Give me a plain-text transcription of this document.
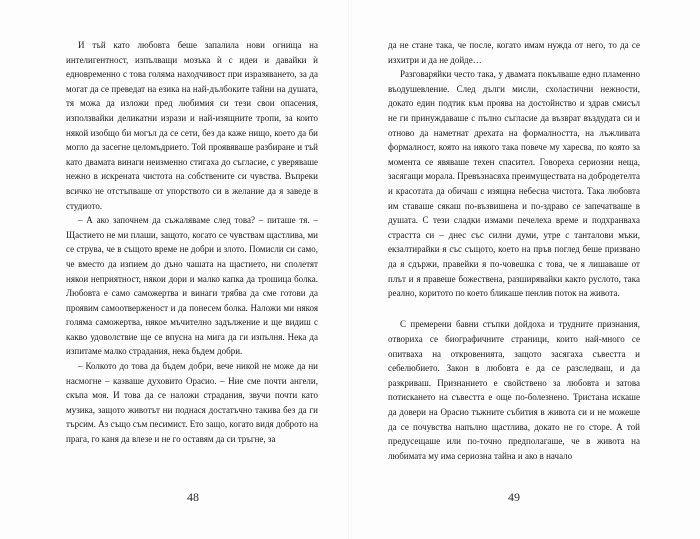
И тъй като любовта беше запалила нови огнища на интелигентност, изпълващи мозъка ѝ с идеи и давайки ѝ едновременно с това голяма находчивост при изразяването, за да могат да се преведат на езика на най-дълбоките тайни на душата, тя можа да изложи пред любимия си тези свои опасения, използвайки деликатни изрази и най-изящните тропи, за които някой изобщо би могъл да се сети, без да каже нищо, което да би могло да засегне целомъдрието. Той проявяваше разбиране и тъй като двамата винаги неизменно стигаха до съгласие, с уверяваше нежно в искрената чистота на собствените си чувства. Въпреки всичко не отстъпваше от упорството си в желание да я заведе в студиото.

– А ако започнем да съжаляваме след това? – питаше тя. – Щастието не ми плаши, защото, когато се чувствам щастлива, ми се струва, че в същото време не добри и злото. Помисли си само, че вместо да изпием до дъно чашата на щастието, ни сполетят някои неприятност, някои дори и малко капка да трошица болка. Любовта е само саможертва и винаги трябва да сме готови да проявим самоотверженост и да понесем болка. Наложи ми някоя голяма саможертва, някое мъчително задължение и ще видиш с какво удоволствие ще се впусна на мига да ги изпълня. Нека да изпитаме малко страдания, нека бъдем добри.

– Колкото до това да бъдем добри, вече никой не може да ни насмогне – казваше духовито Орасио. – Ние сме почти ангели, скъпа моя. И това да се наложи страдания, звучи почти като музика, защото животът ни поднася достатъчно такива без да ги търсим. Аз също съм песимист. Ето защо, когато видя доброто на прага, го каня да влезе и не го оставям да си тръгне, за

48

да не стане така, че после, когато имам нужда от него, то да се изхитри и да не дойде…

Разговаряйки често така, у двамата покълваше едно пламенно въодушевление. След дълги мисли, схоластични нежности, докато един подтик към проява на достойнство и здрав смисъл не ги принуждаваше с пълно съгласие да възврат въздудата си и отново да наметнат дрехата на формалността, на лъжливата формалност, която на някого така повече му харесва, по която за момента се явяваше техен спасител. Говореха сериозни неща, засягащи морала. Превъзнасяха преимуществата на добродетелта и красотата да обичаш с изящна небесна чистота. Така любовта им ставаше сякаш по-възвишена и по-здраво се запечатваше в душата. С тези сладки измами печелеха време и подхранваха страстта си – днес със силни думи, утре с танталови мъки, екзалтирайки я със същото, което на пръв поглед беше призвано да я сдържи, правейки я по-човешка с това, че я лишаваше от плът и я правеше божествена, разширявайки както руслото, така реално, коритото по което бликаше пенлив поток на живота.

С премерени бавни стъпки дойдоха и трудните признания, отвориха се биографичните страници, които най-много се опитваха на откровенията, защото засягаха съвестта и себелюбието. Закон в любовта е да се разследваш, и да разкриваш. Признанието е свойствено за любовта и затова потискането на съвестта е още по-болезнено. Тристана искаше да довери на Орасио тъжните събития в живота си и не можеше да се почувства напълно щастлива, докато не го сторе. А той предусещаше или по-точно предполагаше, че в живота на любимата му има сериозна тайна и ако в начало

49
